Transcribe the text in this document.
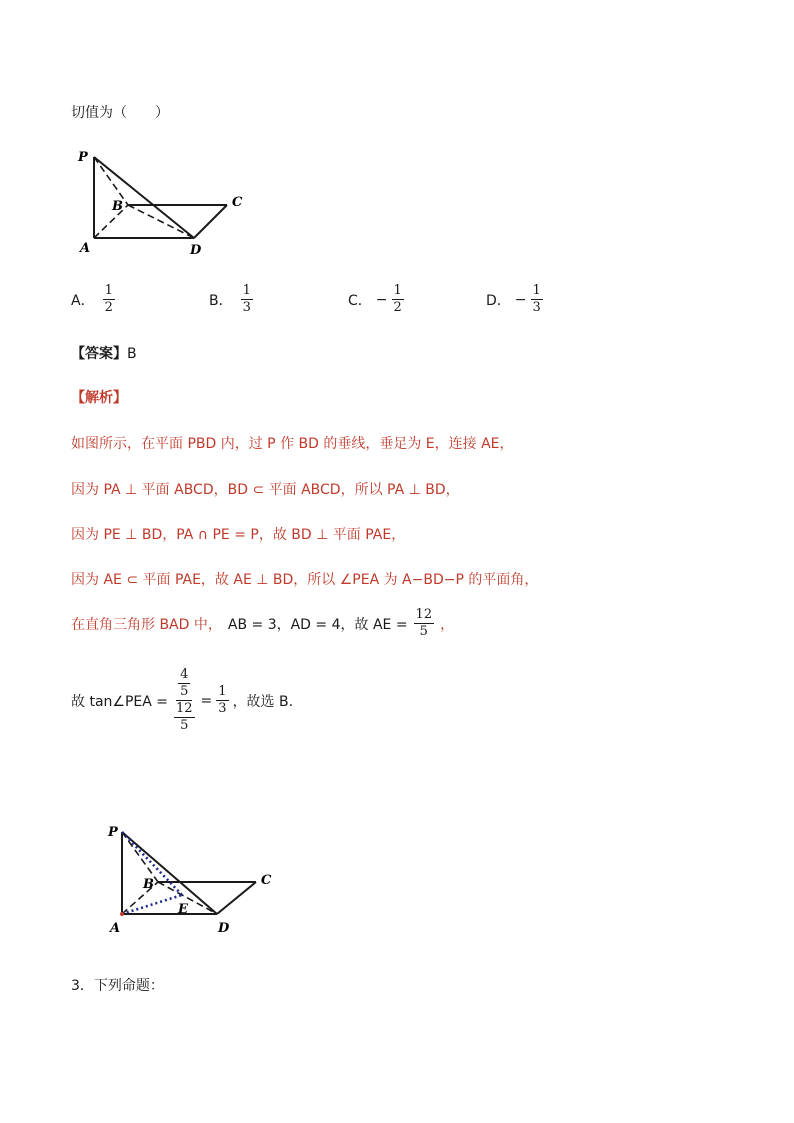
切值为（　　）
P
B	C
A	D
A． $\frac{1}{2}$	B． $\frac{1}{3}$	C． − $\frac{1}{2}$	D． − $\frac{1}{3}$
【答案】B
【解析】
如图所示，在平面 PBD 内，过 P 作 BD 的垂线，垂足为 E，连接 AE，
因为 PA ⊥ 平面 ABCD，BD ⊂ 平面 ABCD，所以 PA ⊥ BD，
因为 PE ⊥ BD，PA ∩ PE = P，故 BD ⊥ 平面 PAE，
因为 AE ⊂ 平面 PAE，故 AE ⊥ BD，所以 ∠PEA 为 A−BD−P 的平面角，
在直角三角形 BAD 中， AB = 3，AD = 4，故 AE = $\frac{12}{5}$ ，
故 tan∠PEA = $\frac{\frac{4}{5}}{\frac{12}{5}} = \frac{1}{3}$ ，故选 B.
P
B	C
E
A	D
3．下列命题：
